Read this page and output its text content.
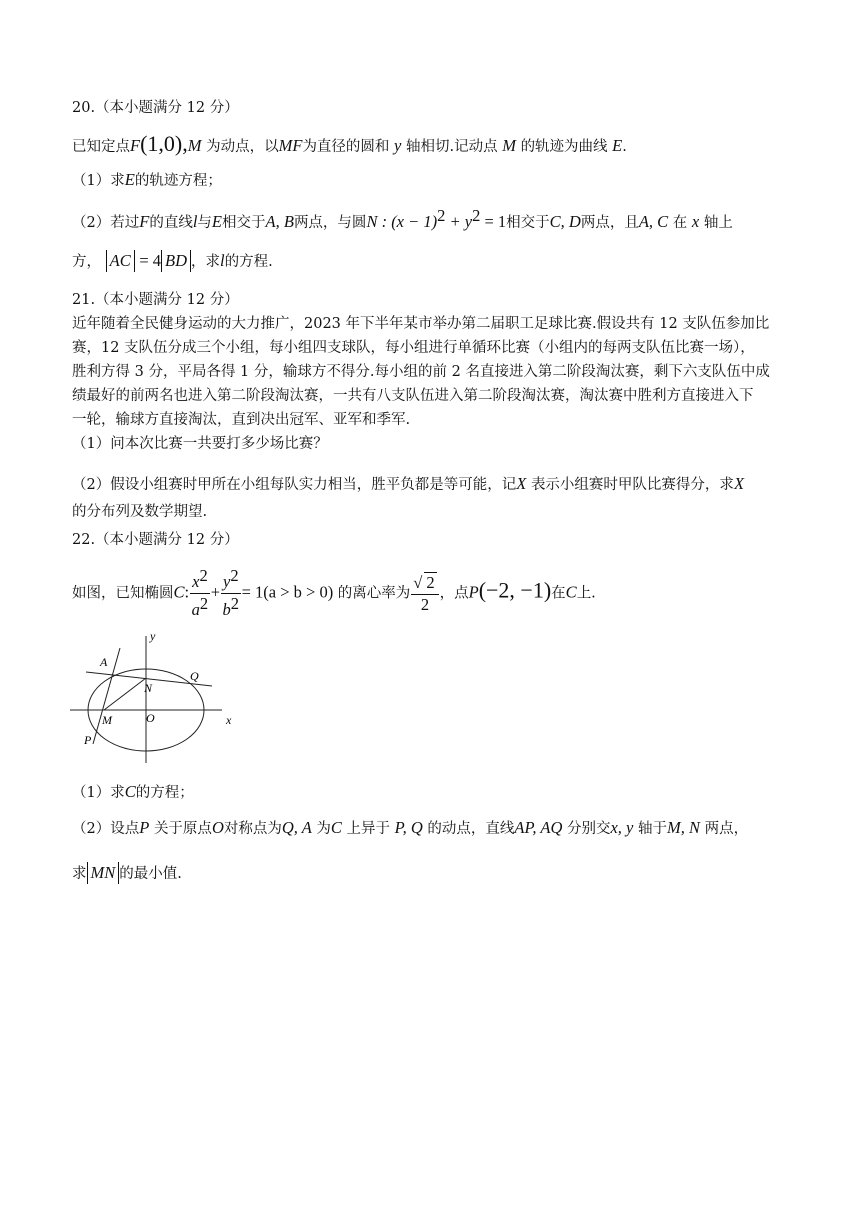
20.（本小题满分 12 分）
已知定点F(1,0),M 为动点，以MF为直径的圆和 y 轴相切.记动点 M 的轨迹为曲线 E.
（1）求E的轨迹方程；
（2）若过F的直线l与E相交于A, B两点，与圆N : $(x - 1)^2 + y^2 = 1$相交于C, D两点，且A, C 在 x 轴上
方， AC = 4 BD ，求l的方程.
21.（本小题满分 12 分）
近年随着全民健身运动的大力推广，2023 年下半年某市举办第二届职工足球比赛.假设共有 12 支队伍参加比
赛，12 支队伍分成三个小组，每小组四支球队，每小组进行单循环比赛（小组内的每两支队伍比赛一场），
胜利方得 3 分，平局各得 1 分，输球方不得分.每小组的前 2 名直接进入第二阶段淘汰赛，剩下六支队伍中成
绩最好的前两名也进入第二阶段淘汰赛，一共有八支队伍进入第二阶段淘汰赛，淘汰赛中胜利方直接进入下
一轮，输球方直接淘汰，直到决出冠军、亚军和季军.
（1）问本次比赛一共要打多少场比赛？
（2）假设小组赛时甲所在小组每队实力相当，胜平负都是等可能，记X 表示小组赛时甲队比赛得分，求X
的分布列及数学期望.
22.（本小题满分 12 分）
如图，已知椭圆C: $\frac{x^2}{a^2} + \frac{y^2}{b^2} = 1(a > b > 0)$ 的离心率为 $\frac{√ 2}{2}$ ，点P(−2, −1)在C上.
y
x
A
Q
N
M	O
P
（1）求C的方程；
（2）设点P 关于原点O对称点为Q, A 为C 上异于 P, Q 的动点，直线AP, AQ 分别交x, y 轴于M, N 两点，
求 MN 的最小值.
